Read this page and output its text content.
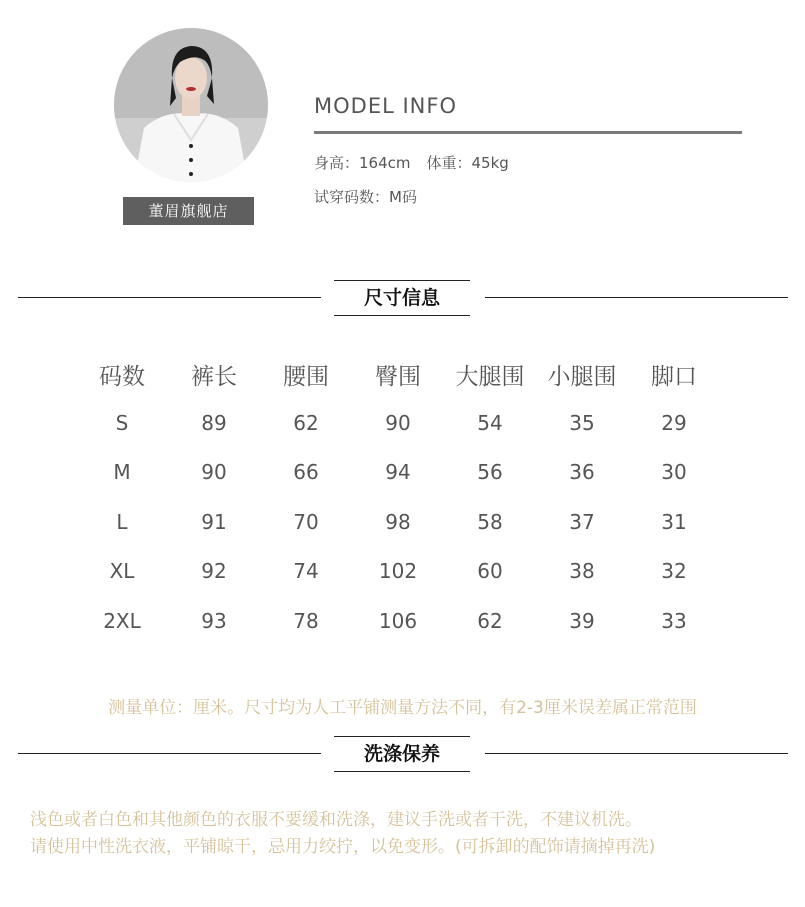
董眉旗舰店
MODEL INFO
身高：164cm 体重：45kg
试穿码数：M码
尺寸信息
码数	裤长	腰围	臀围	大腿围	小腿围	脚口
S	89	62	90	54	35	29
M	90	66	94	56	36	30
L	91	70	98	58	37	31
XL	92	74	102	60	38	32
2XL	93	78	106	62	39	33
测量单位：厘米。尺寸均为人工平铺测量方法不同，有2-3厘米误差属正常范围
洗涤保养
浅色或者白色和其他颜色的衣服不要缓和洗涤，建议手洗或者干洗，不建议机洗。
请使用中性洗衣液，平铺晾干，忌用力绞拧，以免变形。(可拆卸的配饰请摘掉再洗)
